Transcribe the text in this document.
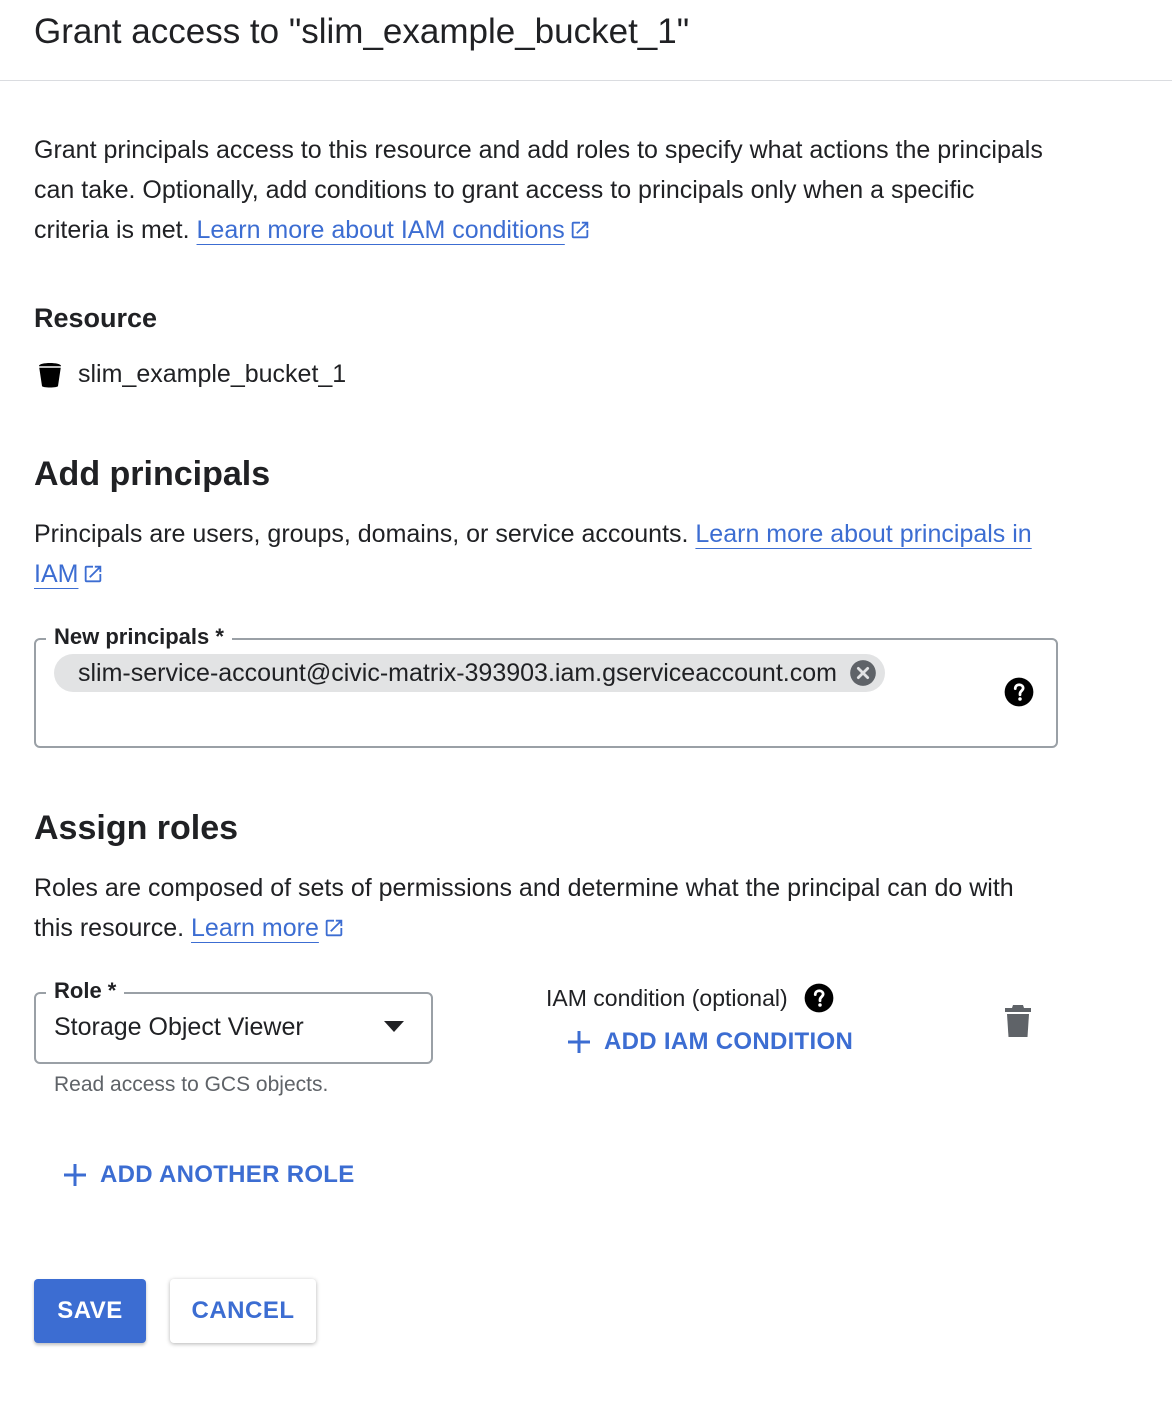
Grant access to "slim_example_bucket_1"
Grant principals access to this resource and add roles to specify what actions the principals can take. Optionally, add conditions to grant access to principals only when a specific criteria is met. Learn more about IAM conditions
Resource
slim_example_bucket_1
Add principals
Principals are users, groups, domains, or service accounts. Learn more about principals in IAM
New principals *
slim-service-account@civic-matrix-393903.iam.gserviceaccount.com
Assign roles
Roles are composed of sets of permissions and determine what the principal can do with this resource. Learn more
Role *
Storage Object Viewer
Read access to GCS objects.
IAM condition (optional)
ADD IAM CONDITION
ADD ANOTHER ROLE
SAVE	CANCEL
